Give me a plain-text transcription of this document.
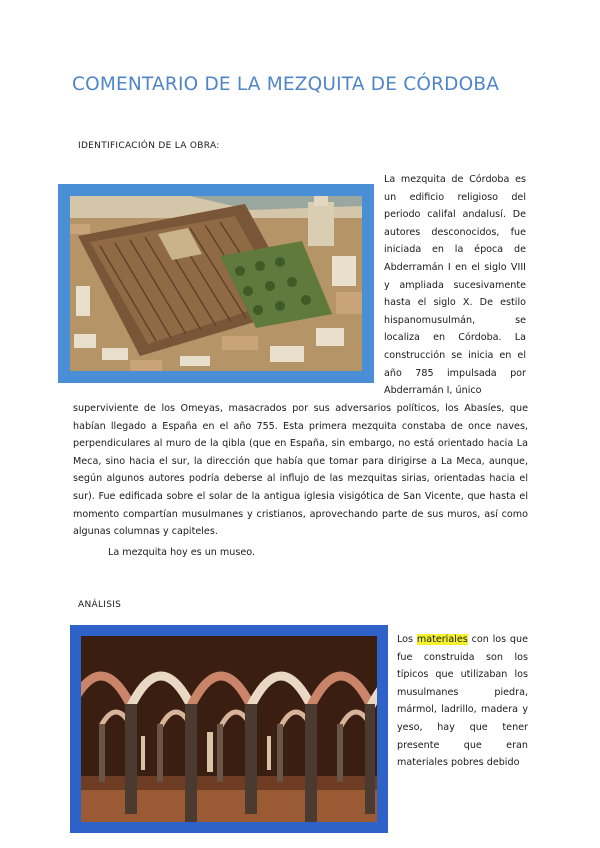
COMENTARIO DE LA MEZQUITA DE CÓRDOBA
IDENTIFICACIÓN DE LA OBRA:

La mezquita de Córdoba es un edificio religioso del periodo califal andalusí. De autores desconocidos, fue iniciada en la época de Abderramán I en el siglo VIII y ampliada sucesivamente hasta el siglo X. De estilo hispanomusulmán, se localiza en Córdoba. La construcción se inicia en el año 785 impulsada por Abderramán I, único

superviviente de los Omeyas, masacrados por sus adversarios políticos, los Abasíes, que habían llegado a España en el año 755. Esta primera mezquita constaba de once naves, perpendiculares al muro de la qibla (que en España, sin embargo, no está orientado hacia La Meca, sino hacia el sur, la dirección que había que tomar para dirigirse a La Meca, aunque, según algunos autores podría deberse al influjo de las mezquitas sirias, orientadas hacia el sur). Fue edificada sobre el solar de la antigua iglesia visigótica de San Vicente, que hasta el momento compartían musulmanes y cristianos, aprovechando parte de sus muros, así como algunas columnas y capiteles.

La mezquita hoy es un museo.

ANÁLISIS

Los materiales con los que fue construida son los típicos que utilizaban los musulmanes piedra, mármol, ladrillo, madera y yeso, hay que tener presente que eran materiales pobres debido
